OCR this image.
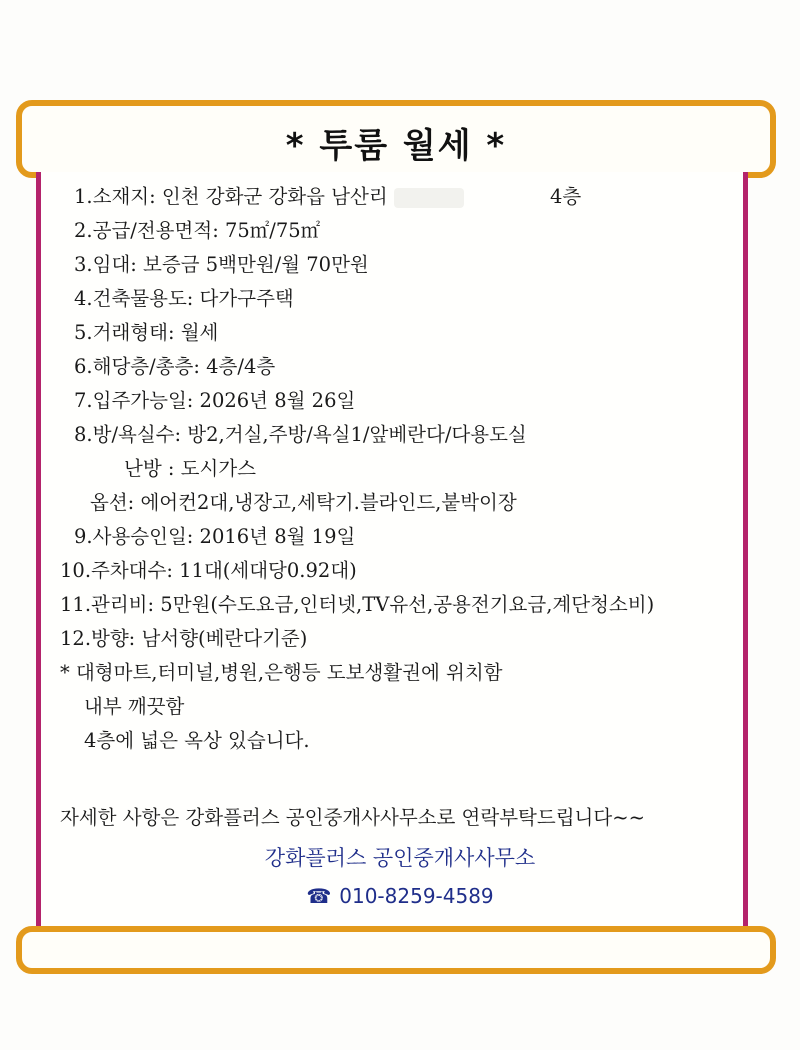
* 투룸 월세 *
1.소재지: 인천 강화군 강화읍 남산리	4층
2.공급/전용면적: 75㎡/75㎡
3.임대: 보증금 5백만원/월 70만원
4.건축물용도: 다가구주택
5.거래형태: 월세
6.해당층/총층: 4층/4층
7.입주가능일: 2026년 8월 26일
8.방/욕실수: 방2,거실,주방/욕실1/앞베란다/다용도실
난방 : 도시가스
옵션: 에어컨2대,냉장고,세탁기.블라인드,붙박이장
9.사용승인일: 2016년 8월 19일
10.주차대수: 11대(세대당0.92대)
11.관리비: 5만원(수도요금,인터넷,TV유선,공용전기요금,계단청소비)
12.방향: 남서향(베란다기준)
* 대형마트,터미널,병원,은행등 도보생활권에 위치함
내부 깨끗함
4층에 넓은 옥상 있습니다.
자세한 사항은 강화플러스 공인중개사사무소로 연락부탁드립니다~~
강화플러스 공인중개사사무소
☎ 010-8259-4589
